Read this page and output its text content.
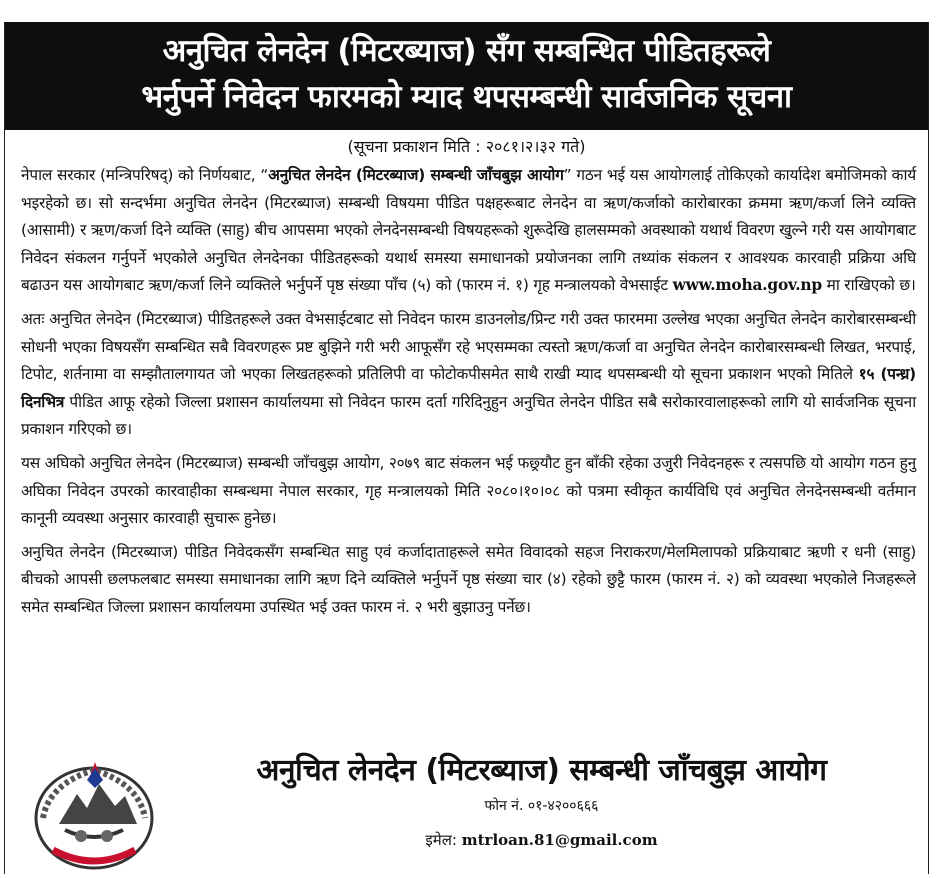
अनुचित लेनदेन (मिटरब्याज) सँग सम्बन्धित पीडितहरूले
भर्नुपर्ने निवेदन फारमको म्याद थपसम्बन्धी सार्वजनिक सूचना
(सूचना प्रकाशन मिति : २०८१।२।३२ गते)
नेपाल सरकार (मन्त्रिपरिषद्) को निर्णयबाट, “अनुचित लेनदेन (मिटरब्याज) सम्बन्धी जाँचबुझ आयोग” गठन भई यस आयोगलाई तोकिएको कार्यादेश बमोजिमको कार्य भइरहेको छ। सो सन्दर्भमा अनुचित लेनदेन (मिटरब्याज) सम्बन्धी विषयमा पीडित पक्षहरूबाट लेनदेन वा ऋण/कर्जाको कारोबारका क्रममा ऋण/कर्जा लिने व्यक्ति (आसामी) र ऋण/कर्जा दिने व्यक्ति (साहु) बीच आपसमा भएको लेनदेनसम्बन्धी विषयहरूको शुरूदेखि हालसम्मको अवस्थाको यथार्थ विवरण खुल्ने गरी यस आयोगबाट निवेदन संकलन गर्नुपर्ने भएकोले अनुचित लेनदेनका पीडितहरूको यथार्थ समस्या समाधानको प्रयोजनका लागि तथ्यांक संकलन र आवश्यक कारवाही प्रक्रिया अघि बढाउन यस आयोगबाट ऋण/कर्जा लिने व्यक्तिले भर्नुपर्ने पृष्ठ संख्या पाँच (५) को (फारम नं. १) गृह मन्त्रालयको वेभसाईट www.moha.gov.np मा राखिएको छ।
अतः अनुचित लेनदेन (मिटरब्याज) पीडितहरूले उक्त वेभसाईटबाट सो निवेदन फारम डाउनलोड/प्रिन्ट गरी उक्त फारममा उल्लेख भएका अनुचित लेनदेन कारोबारसम्बन्धी सोधनी भएका विषयसँग सम्बन्धित सबै विवरणहरू प्रष्ट बुझिने गरी भरी आफूसँग रहे भएसम्मका त्यस्तो ऋण/कर्जा वा अनुचित लेनदेन कारोबारसम्बन्धी लिखत, भरपाई, टिपोट, शर्तनामा वा सम्झौतालगायत जो भएका लिखतहरूको प्रतिलिपी वा फोटोकपीसमेत साथै राखी म्याद थपसम्बन्धी यो सूचना प्रकाशन भएको मितिले १५ (पन्ध्र) दिनभित्र पीडित आफू रहेको जिल्ला प्रशासन कार्यालयमा सो निवेदन फारम दर्ता गरिदिनुहुन अनुचित लेनदेन पीडित सबै सरोकारवालाहरूको लागि यो सार्वजनिक सूचना प्रकाशन गरिएको छ।
यस अघिको अनुचित लेनदेन (मिटरब्याज) सम्बन्धी जाँचबुझ आयोग, २०७९ बाट संकलन भई फछ्र्यौट हुन बाँकी रहेका उजुरी निवेदनहरू र त्यसपछि यो आयोग गठन हुनु अघिका निवेदन उपरको कारवाहीका सम्बन्धमा नेपाल सरकार, गृह मन्त्रालयको मिति २०८०।१०।०८ को पत्रमा स्वीकृत कार्यविधि एवं अनुचित लेनदेनसम्बन्धी वर्तमान कानूनी व्यवस्था अनुसार कारवाही सुचारू हुनेछ।
अनुचित लेनदेन (मिटरब्याज) पीडित निवेदकसँग सम्बन्धित साहु एवं कर्जादाताहरूले समेत विवादको सहज निराकरण/मेलमिलापको प्रक्रियाबाट ऋणी र धनी (साहु) बीचको आपसी छलफलबाट समस्या समाधानका लागि ऋण दिने व्यक्तिले भर्नुपर्ने पृष्ठ संख्या चार (४) रहेको छुट्टै फारम (फारम नं. २) को व्यवस्था भएकोले निजहरूले समेत सम्बन्धित जिल्ला प्रशासन कार्यालयमा उपस्थित भई उक्त फारम नं. २ भरी बुझाउनु पर्नेछ।
अनुचित लेनदेन (मिटरब्याज) सम्बन्धी जाँचबुझ आयोग
फोन नं. ०१-४२००६६६
इमेल: mtrloan.81@gmail.com
